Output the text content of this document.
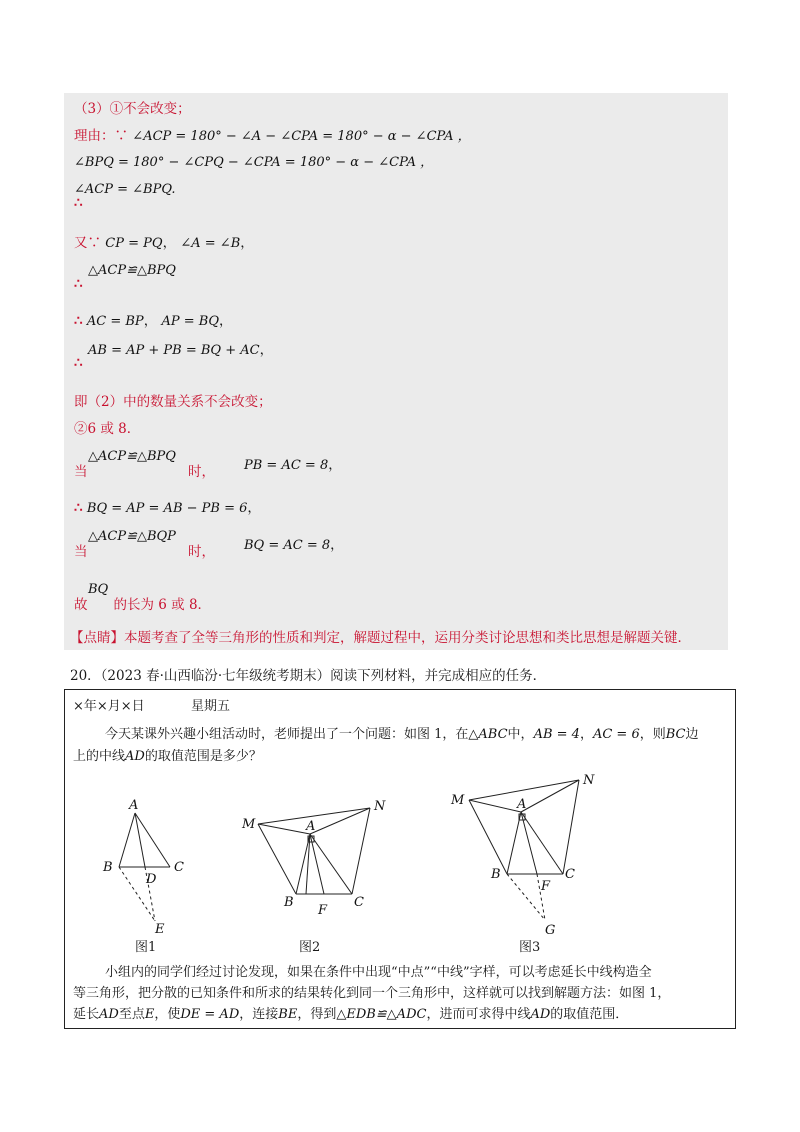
（3）①不会改变；
理由：∵ ∠ACP = 180° − ∠A − ∠CPA = 180° − α − ∠CPA ，
∠BPQ = 180° − ∠CPQ − ∠CPA = 180° − α − ∠CPA ，
∠ACP = ∠BPQ.
∴
又∵ CP = PQ， ∠A = ∠B，
△ACP≌△BPQ
∴
∴ AC = BP， AP = BQ，
AB = AP + PB = BQ + AC，
∴
即（2）中的数量关系不会改变；
②6 或 8．
△ACP≌△BPQ
当	时， PB = AC = 8，
∴ BQ = AP = AB − PB = 6，
△ACP≌△BQP
当	时， BQ = AC = 8，
BQ
故 的长为 6 或 8．
【点睛】本题考查了全等三角形的性质和判定，解题过程中，运用分类讨论思想和类比思想是解题关键．
20．（2023 春·山西临汾·七年级统考期末）阅读下列材料，并完成相应的任务．
×年×月×日	星期五
今天某课外兴趣小组活动时，老师提出了一个问题：如图 1，在△ABC中，AB = 4，AC = 6，则BC边
上的中线AD的取值范围是多少？
A
B	C
D
E
图1
A
M
N
B	C
F
图2
A
M
N
B	C
F
G
图3
小组内的同学们经过讨论发现，如果在条件中出现“中点”“中线”字样，可以考虑延长中线构造全
等三角形，把分散的已知条件和所求的结果转化到同一个三角形中，这样就可以找到解题方法：如图 1，
延长AD至点E，使DE = AD，连接BE，得到△EDB≌△ADC，进而可求得中线AD的取值范围．
